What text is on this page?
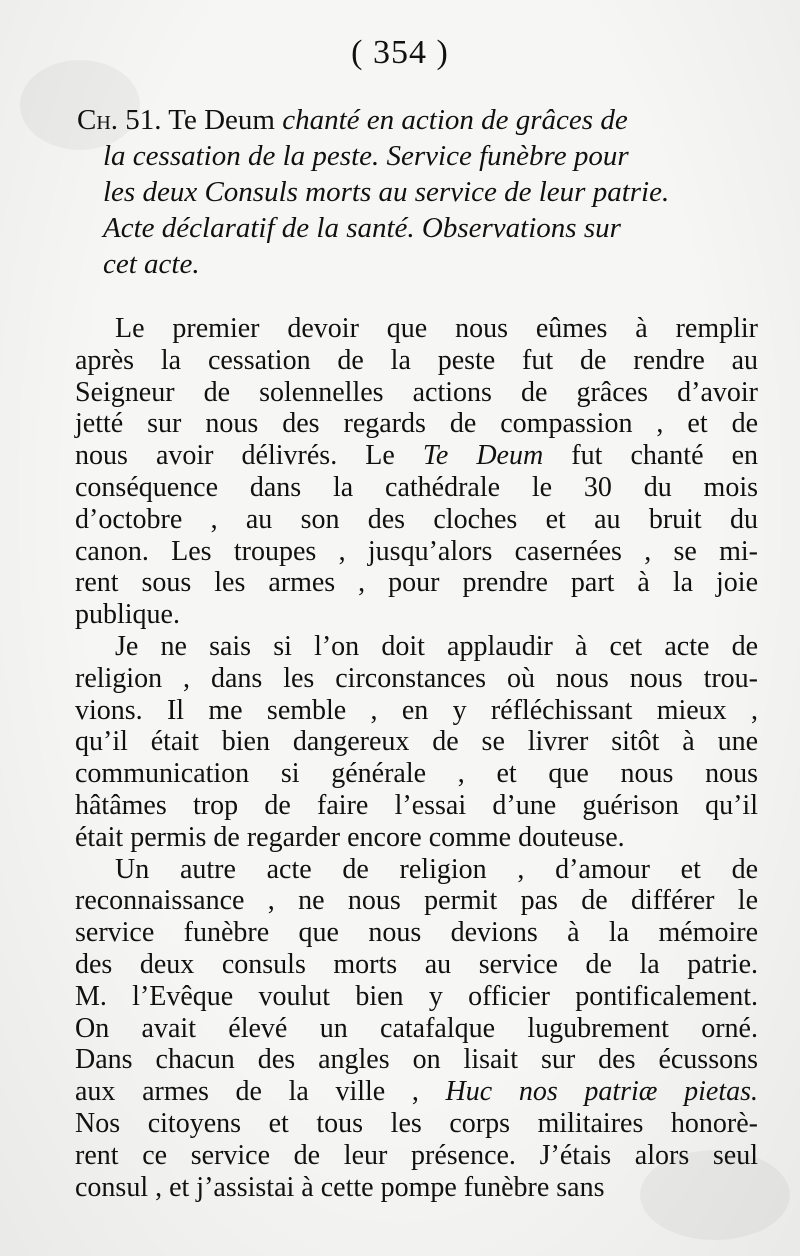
( 354 )
Ch. 51. Te Deum chanté en action de grâces de
la cessation de la peste. Service funèbre pour
les deux Consuls morts au service de leur patrie.
Acte déclaratif de la santé. Observations sur
cet acte.
Le premier devoir que nous eûmes à remplir
après la cessation de la peste fut de rendre au
Seigneur de solennelles actions de grâces d’avoir
jetté sur nous des regards de compassion , et de
nous avoir délivrés. Le Te Deum fut chanté en
conséquence dans la cathédrale le 30 du mois
d’octobre , au son des cloches et au bruit du
canon. Les troupes , jusqu’alors casernées , se mi-
rent sous les armes , pour prendre part à la joie
publique.
Je ne sais si l’on doit applaudir à cet acte de
religion , dans les circonstances où nous nous trou-
vions. Il me semble , en y réfléchissant mieux ,
qu’il était bien dangereux de se livrer sitôt à une
communication si générale , et que nous nous
hâtâmes trop de faire l’essai d’une guérison qu’il
était permis de regarder encore comme douteuse.
Un autre acte de religion , d’amour et de
reconnaissance , ne nous permit pas de différer le
service funèbre que nous devions à la mémoire
des deux consuls morts au service de la patrie.
M. l’Evêque voulut bien y officier pontificalement.
On avait élevé un catafalque lugubrement orné.
Dans chacun des angles on lisait sur des écussons
aux armes de la ville , Huc nos patriæ pietas.
Nos citoyens et tous les corps militaires honorè-
rent ce service de leur présence. J’étais alors seul
consul , et j’assistai à cette pompe funèbre sans
